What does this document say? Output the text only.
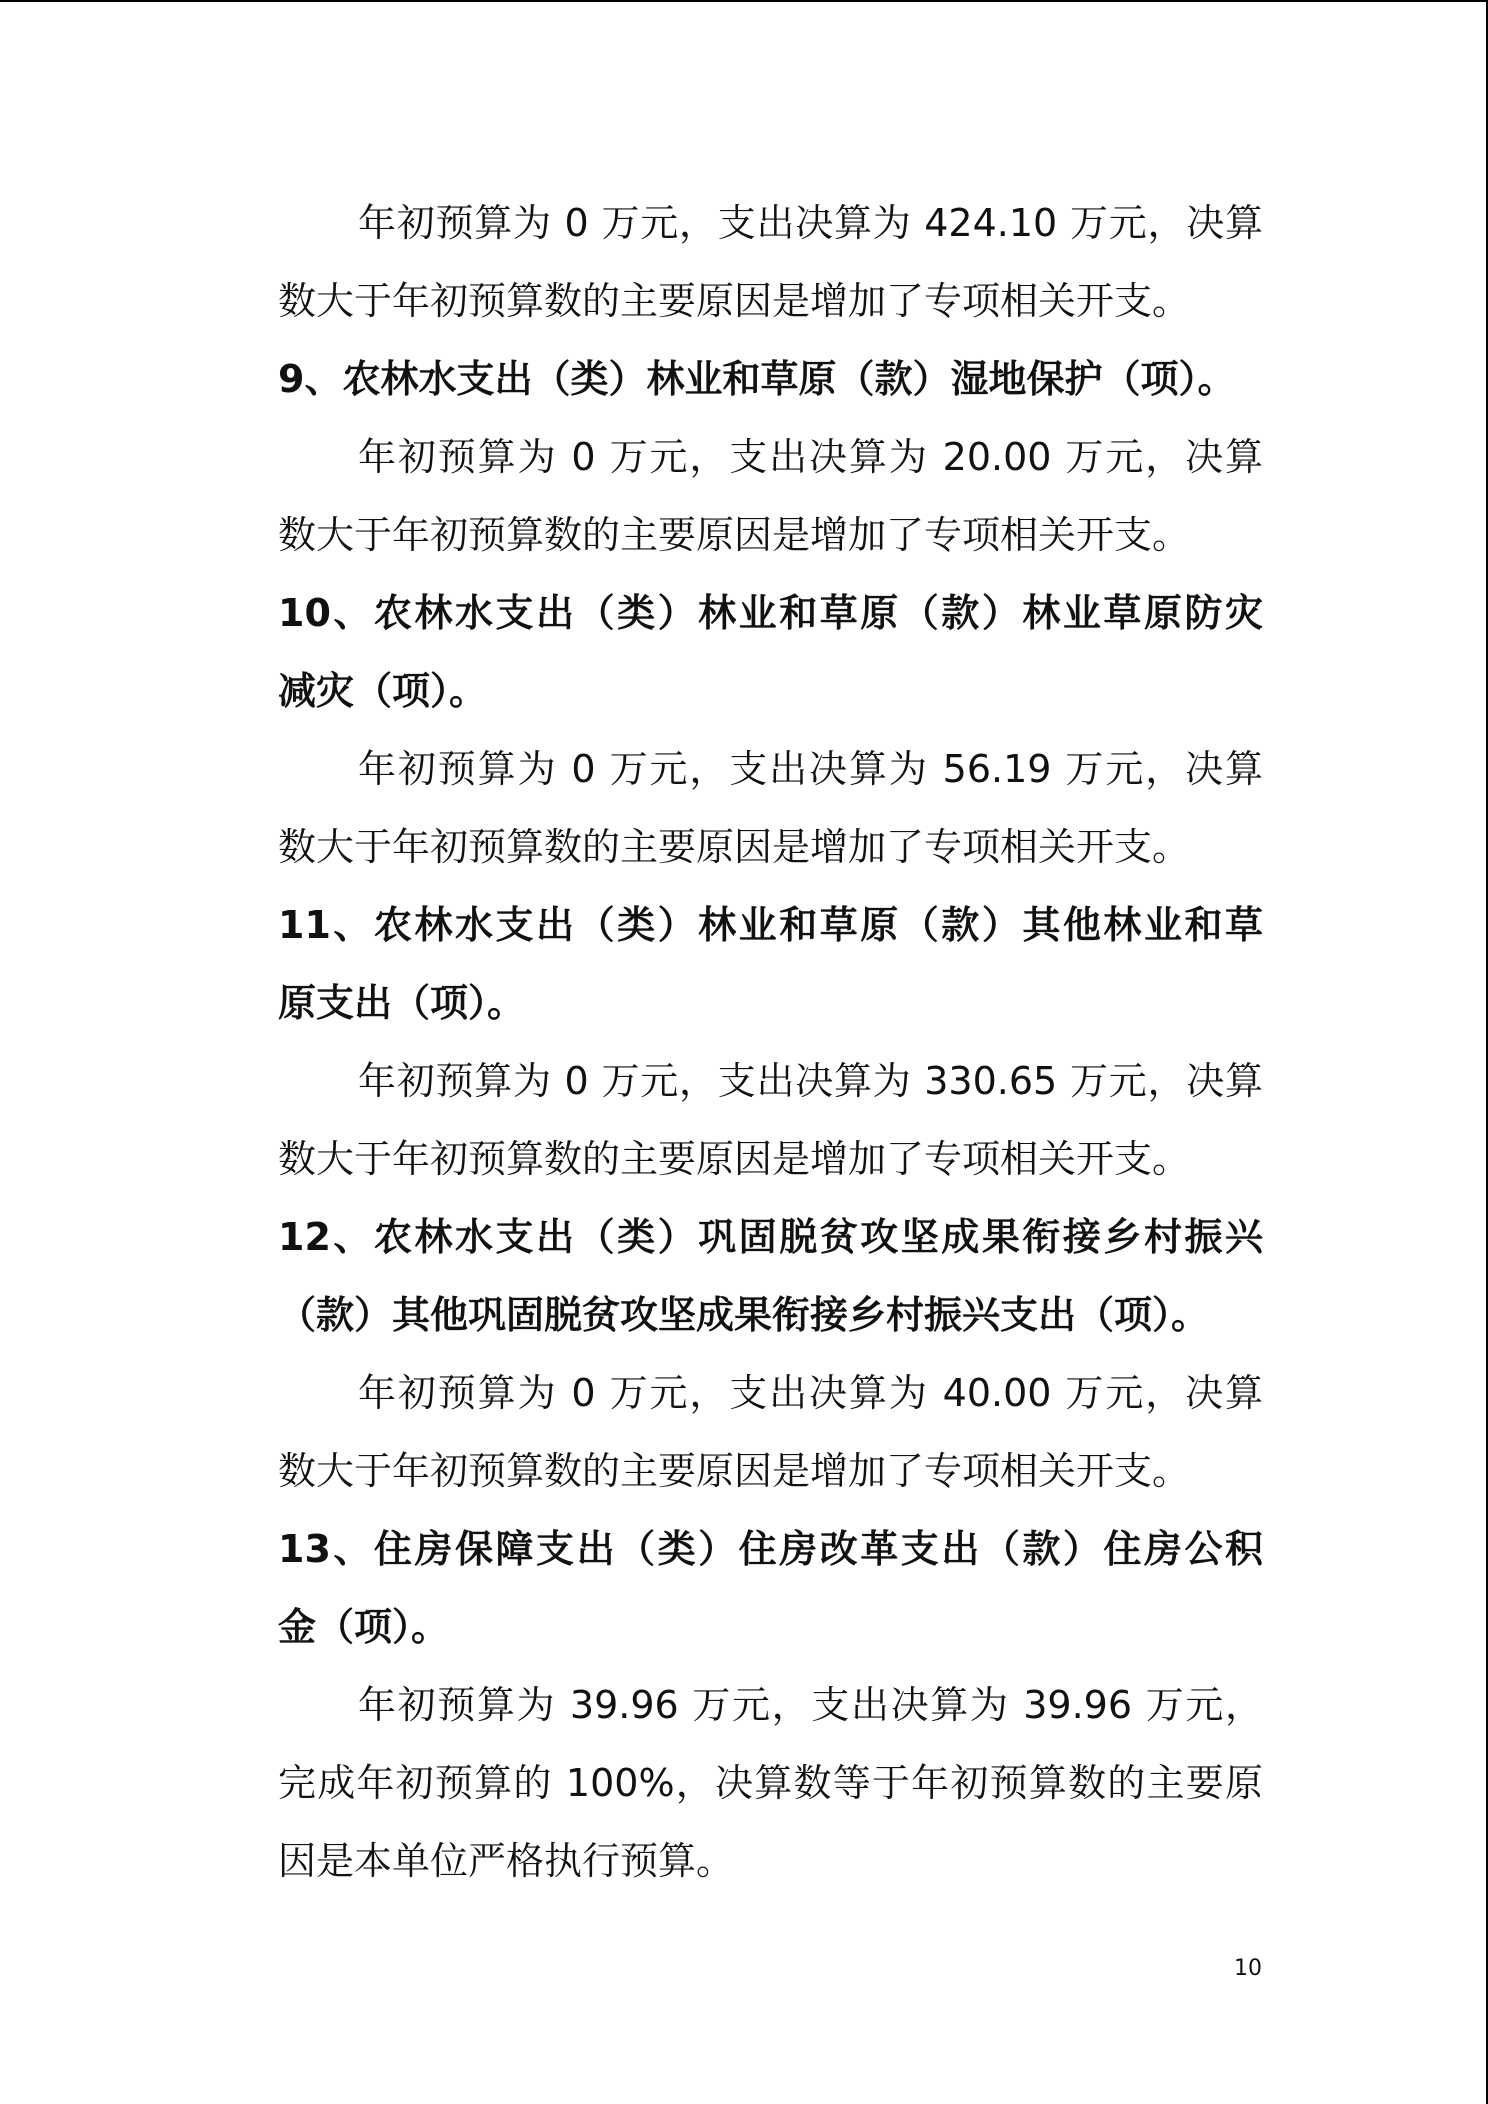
年初预算为 0 万元，支出决算为 424.10 万元，决算
数大于年初预算数的主要原因是增加了专项相关开支。
9、农林水支出（类）林业和草原（款）湿地保护（项）。
年初预算为 0 万元，支出决算为 20.00 万元，决算
数大于年初预算数的主要原因是增加了专项相关开支。
10、农林水支出（类）林业和草原（款）林业草原防灾
减灾（项）。
年初预算为 0 万元，支出决算为 56.19 万元，决算
数大于年初预算数的主要原因是增加了专项相关开支。
11、农林水支出（类）林业和草原（款）其他林业和草
原支出（项）。
年初预算为 0 万元，支出决算为 330.65 万元，决算
数大于年初预算数的主要原因是增加了专项相关开支。
12、农林水支出（类）巩固脱贫攻坚成果衔接乡村振兴
（款）其他巩固脱贫攻坚成果衔接乡村振兴支出（项）。
年初预算为 0 万元，支出决算为 40.00 万元，决算
数大于年初预算数的主要原因是增加了专项相关开支。
13、住房保障支出（类）住房改革支出（款）住房公积
金（项）。
年初预算为 39.96 万元，支出决算为 39.96 万元，
完成年初预算的 100%，决算数等于年初预算数的主要原
因是本单位严格执行预算。
10
